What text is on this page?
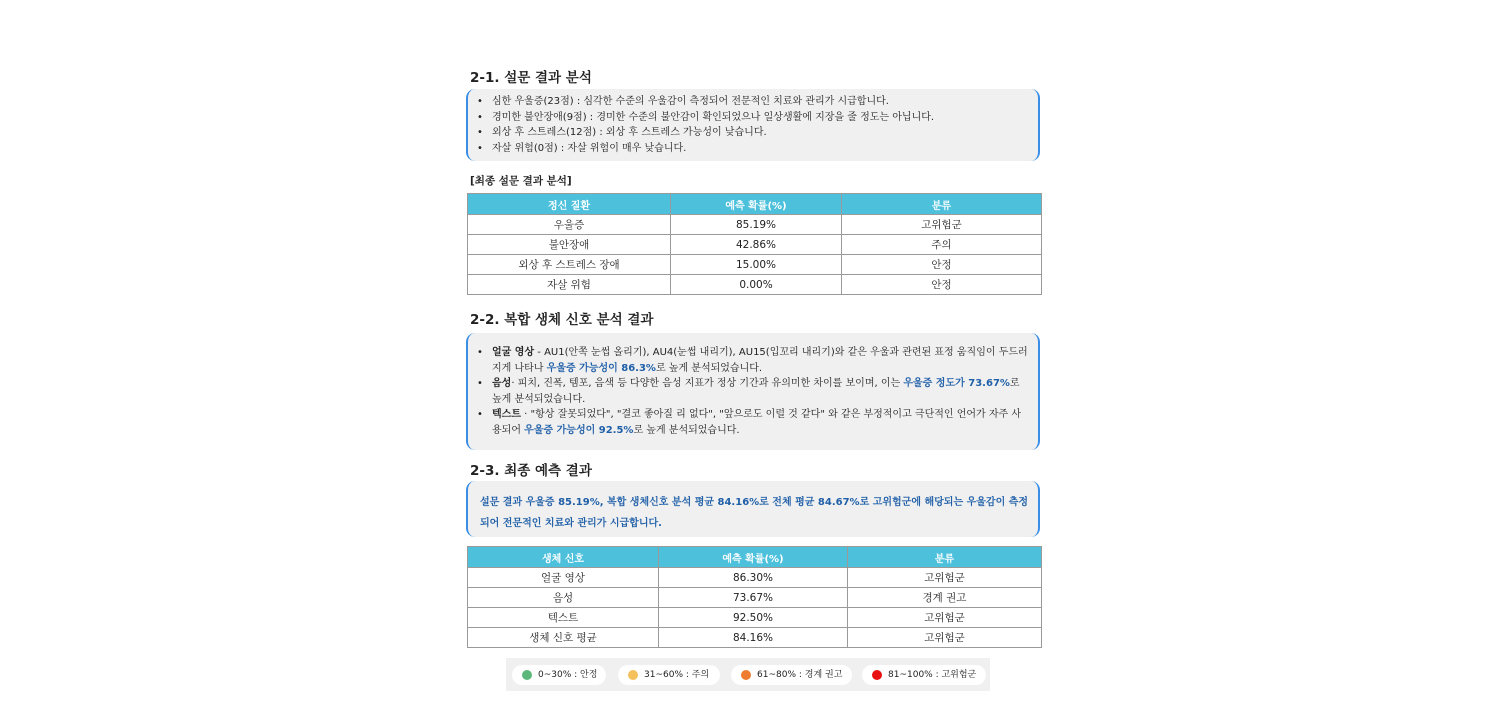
2-1. 설문 결과 분석
• 심한 우울증(23점) : 심각한 수준의 우울감이 측정되어 전문적인 치료와 관리가 시급합니다.
• 경미한 불안장애(9점) : 경미한 수준의 불안감이 확인되었으나 일상생활에 지장을 줄 정도는 아닙니다.
• 외상 후 스트레스(12점) : 외상 후 스트레스 가능성이 낮습니다.
• 자살 위험(0점) : 자살 위험이 매우 낮습니다.
[최종 설문 결과 분석]
정신 질환	예측 확률(%)	분류
우울증	85.19%	고위험군
불안장애	42.86%	주의
외상 후 스트레스 장애	15.00%	안정
자살 위험	0.00%	안정
2-2. 복합 생체 신호 분석 결과
• 얼굴 영상 - AU1(안쪽 눈썹 올리기), AU4(눈썹 내리기), AU15(입꼬리 내리기)와 같은 우울과 관련된 표정 움직임이 두드러지게 나타나 우울증 가능성이 86.3%로 높게 분석되었습니다.
• 음성· 피치, 진폭, 템포, 음색 등 다양한 음성 지표가 정상 기간과 유의미한 차이를 보이며, 이는 우울증 정도가 73.67%로 높게 분석되었습니다.
• 텍스트 · "항상 잘못되었다", "결코 좋아질 리 없다", "앞으로도 이럴 것 같다" 와 같은 부정적이고 극단적인 언어가 자주 사용되어 우울증 가능성이 92.5%로 높게 분석되었습니다.
2-3. 최종 예측 결과
설문 결과 우울증 85.19%, 복합 생체신호 분석 평균 84.16%로 전체 평균 84.67%로 고위험군에 해당되는 우울감이 측정되어 전문적인 치료와 관리가 시급합니다.
생체 신호	예측 확률(%)	분류
얼굴 영상	86.30%	고위험군
음성	73.67%	경계 권고
텍스트	92.50%	고위험군
생체 신호 평균	84.16%	고위험군
0~30% : 안정	31~60% : 주의	61~80% : 경계 권고	81~100% : 고위험군
